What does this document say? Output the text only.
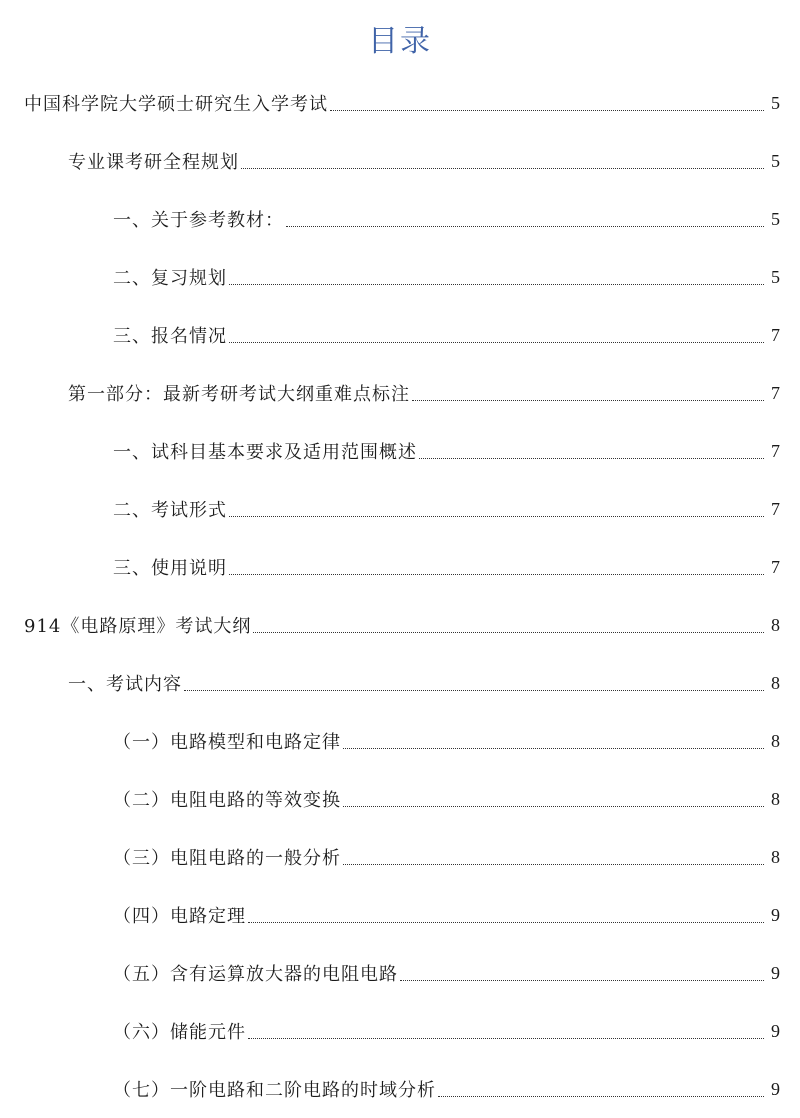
目录
中国科学院大学硕士研究生入学考试	5
专业课考研全程规划	5
一、关于参考教材：	5
二、复习规划	5
三、报名情况	7
第一部分：最新考研考试大纲重难点标注	7
一、试科目基本要求及适用范围概述	7
二、考试形式	7
三、使用说明	7
914《电路原理》考试大纲	8
一、考试内容	8
（一）电路模型和电路定律	8
（二）电阻电路的等效变换	8
（三）电阻电路的一般分析	8
（四）电路定理	9
（五）含有运算放大器的电阻电路	9
（六）储能元件	9
（七）一阶电路和二阶电路的时域分析	9
